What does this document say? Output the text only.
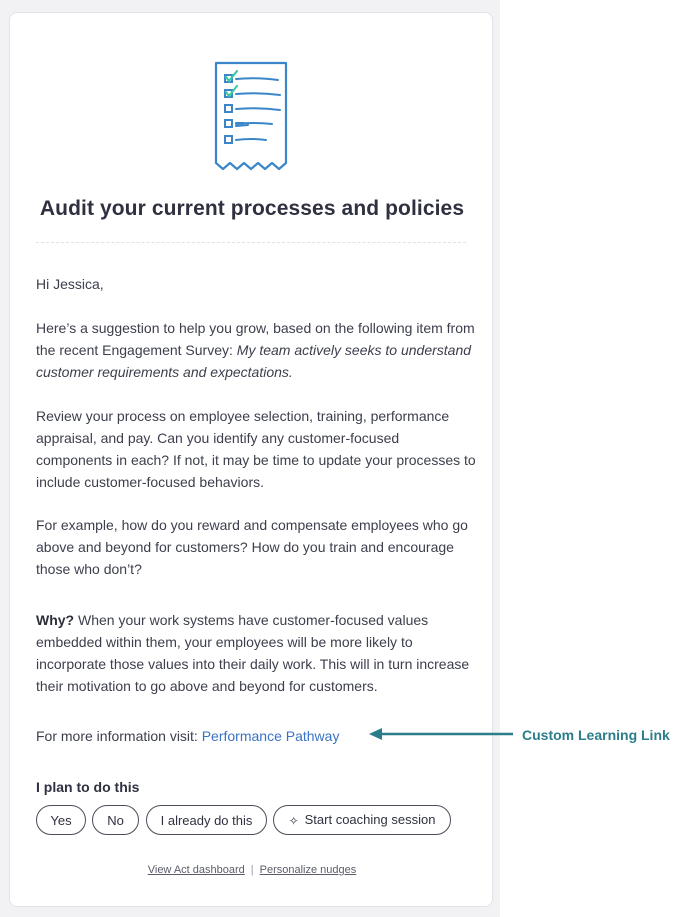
Audit your current processes and policies
Hi Jessica,
Here’s a suggestion to help you grow, based on the following item from the recent Engagement Survey: My team actively seeks to understand customer requirements and expectations.
Review your process on employee selection, training, performance appraisal, and pay. Can you identify any customer-focused components in each? If not, it may be time to update your processes to include customer-focused behaviors.
For example, how do you reward and compensate employees who go above and beyond for customers? How do you train and encourage those who don’t?
Why? When your work systems have customer-focused values embedded within them, your employees will be more likely to incorporate those values into their daily work. This will in turn increase their motivation to go above and beyond for customers.
For more information visit: Performance Pathway
I plan to do this
Yes	No	I already do this	✧ Start coaching session
View Act dashboard | Personalize nudges
Custom Learning Link
